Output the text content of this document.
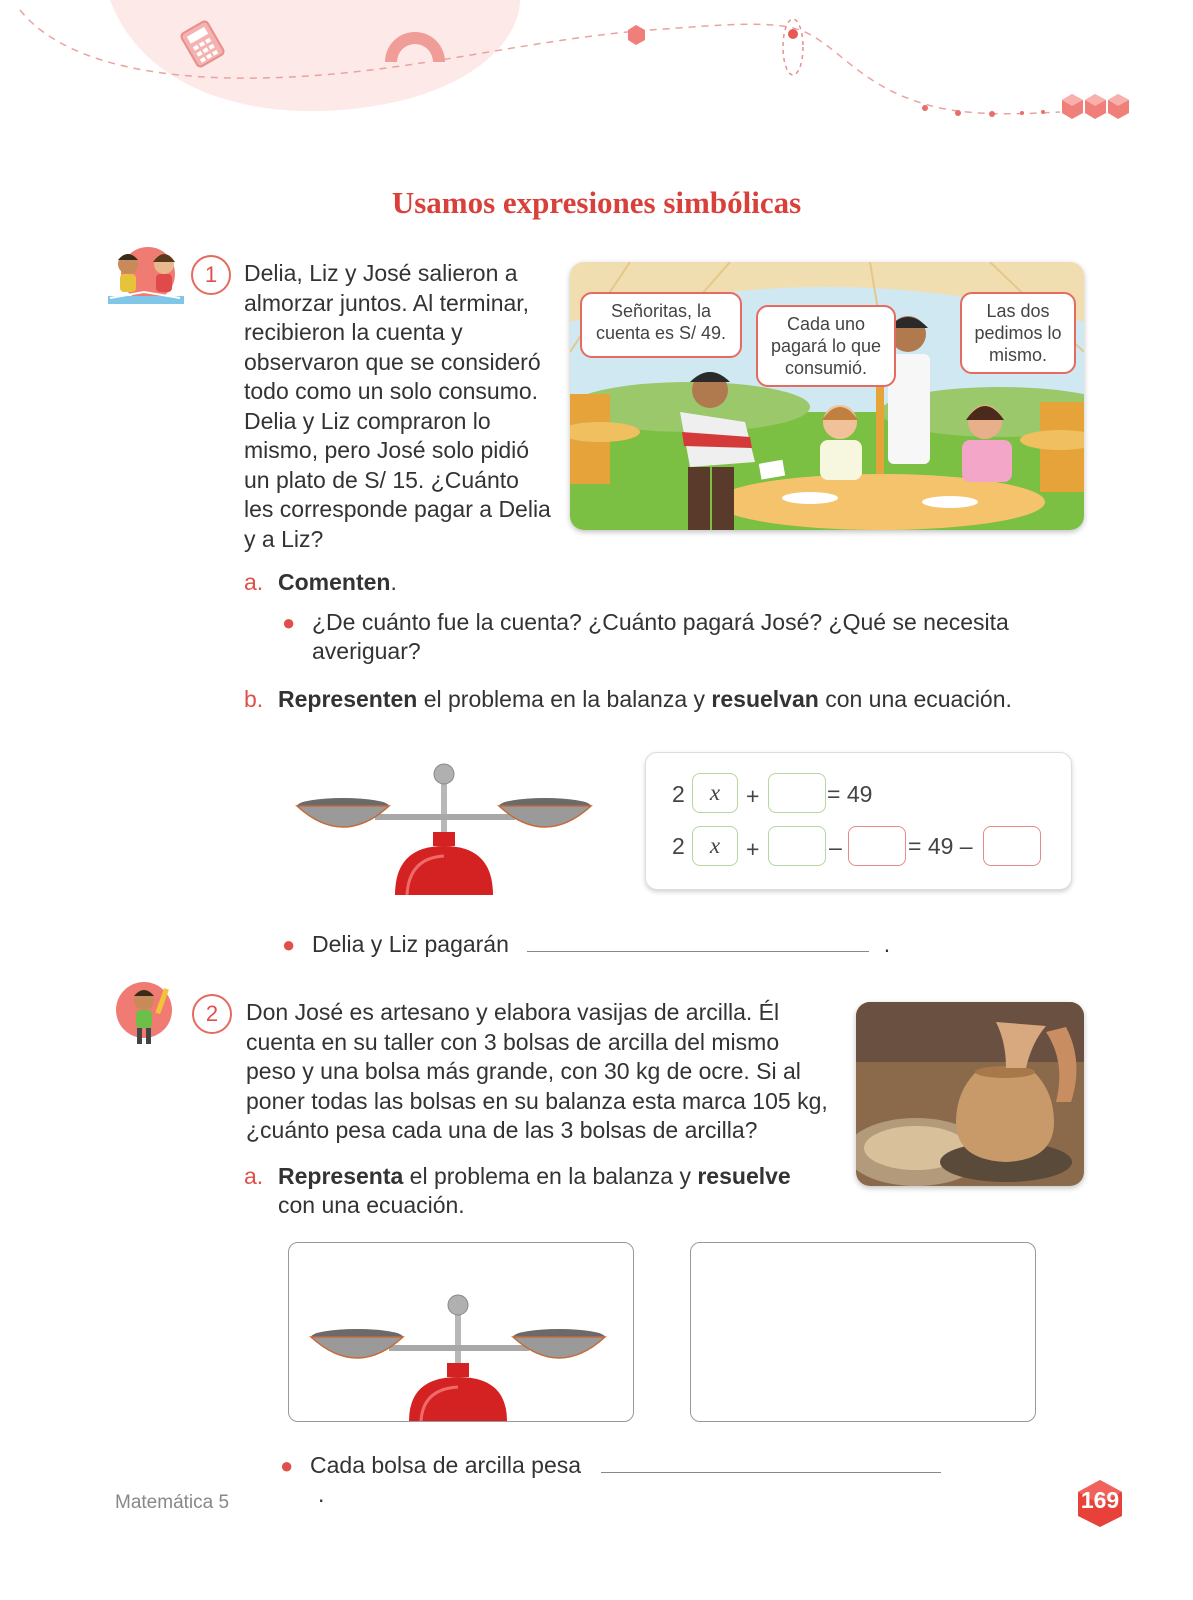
Usamos expresiones simbólicas
1	Delia, Liz y José salieron a
almorzar juntos. Al terminar,
recibieron la cuenta y
observaron que se consideró
todo como un solo consumo.
Delia y Liz compraron lo
mismo, pero José solo pidió
un plato de S/ 15. ¿Cuánto
les corresponde pagar a Delia
y a Liz?
Señoritas, la cuenta es S/ 49.	Cada uno pagará lo que consumió.
Las dos pedimos lo mismo.
a. Comenten.
● ¿De cuánto fue la cuenta? ¿Cuánto pagará José? ¿Qué se necesita averiguar?
b. Representen el problema en la balanza y resuelvan con una ecuación.
2	x	+	= 49
2	x	+	–	= 49 –
● Delia y Liz pagarán	.
2	Don José es artesano y elabora vasijas de arcilla. Él
cuenta en su taller con 3 bolsas de arcilla del mismo
peso y una bolsa más grande, con 30 kg de ocre. Si al
poner todas las bolsas en su balanza esta marca 105 kg,
¿cuánto pesa cada una de las 3 bolsas de arcilla?
a. Representa el problema en la balanza y resuelve
con una ecuación.
● Cada bolsa de arcilla pesa  .
Matemática 5	169
